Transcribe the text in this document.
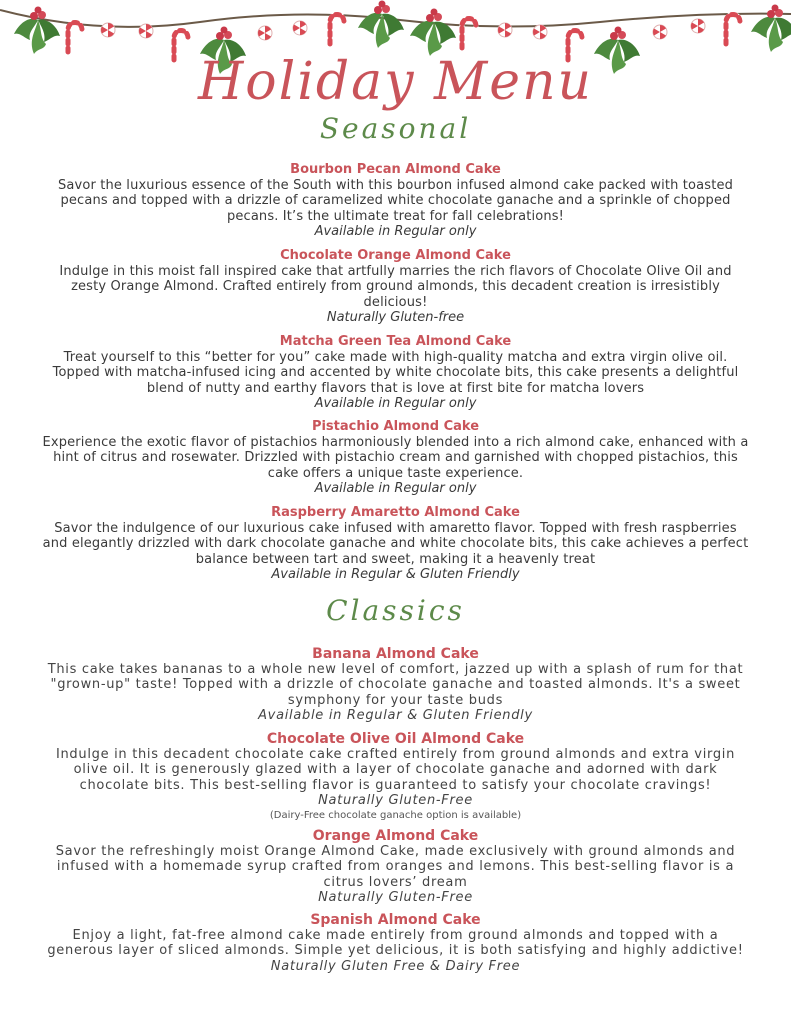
Holiday Menu
Seasonal
Bourbon Pecan Almond Cake
Savor the luxurious essence of the South with this bourbon infused almond cake packed with toasted pecans and topped with a drizzle of caramelized white chocolate ganache and a sprinkle of chopped pecans. It’s the ultimate treat for fall celebrations!
Available in Regular only
Chocolate Orange Almond Cake
Indulge in this moist fall inspired cake that artfully marries the rich flavors of Chocolate Olive Oil and zesty Orange Almond. Crafted entirely from ground almonds, this decadent creation is irresistibly delicious!
Naturally Gluten-free
Matcha Green Tea Almond Cake
Treat yourself to this “better for you” cake made with high-quality matcha and extra virgin olive oil. Topped with matcha-infused icing and accented by white chocolate bits, this cake presents a delightful blend of nutty and earthy flavors that is love at first bite for matcha lovers
Available in Regular only
Pistachio Almond Cake
Experience the exotic flavor of pistachios harmoniously blended into a rich almond cake, enhanced with a hint of citrus and rosewater. Drizzled with pistachio cream and garnished with chopped pistachios, this cake offers a unique taste experience.
Available in Regular only
Raspberry Amaretto Almond Cake
Savor the indulgence of our luxurious cake infused with amaretto flavor. Topped with fresh raspberries and elegantly drizzled with dark chocolate ganache and white chocolate bits, this cake achieves a perfect balance between tart and sweet, making it a heavenly treat
Available in Regular & Gluten Friendly
Classics
Banana Almond Cake
This cake takes bananas to a whole new level of comfort, jazzed up with a splash of rum for that "grown-up" taste! Topped with a drizzle of chocolate ganache and toasted almonds. It's a sweet symphony for your taste buds
Available in Regular & Gluten Friendly
Chocolate Olive Oil Almond Cake
Indulge in this decadent chocolate cake crafted entirely from ground almonds and extra virgin olive oil. It is generously glazed with a layer of chocolate ganache and adorned with dark chocolate bits. This best-selling flavor is guaranteed to satisfy your chocolate cravings!
Naturally Gluten-Free
(Dairy-Free chocolate ganache option is available)
Orange Almond Cake
Savor the refreshingly moist Orange Almond Cake, made exclusively with ground almonds and infused with a homemade syrup crafted from oranges and lemons. This best-selling flavor is a citrus lovers’ dream
Naturally Gluten-Free
Spanish Almond Cake
Enjoy a light, fat-free almond cake made entirely from ground almonds and topped with a generous layer of sliced almonds. Simple yet delicious, it is both satisfying and highly addictive!
Naturally Gluten Free & Dairy Free
